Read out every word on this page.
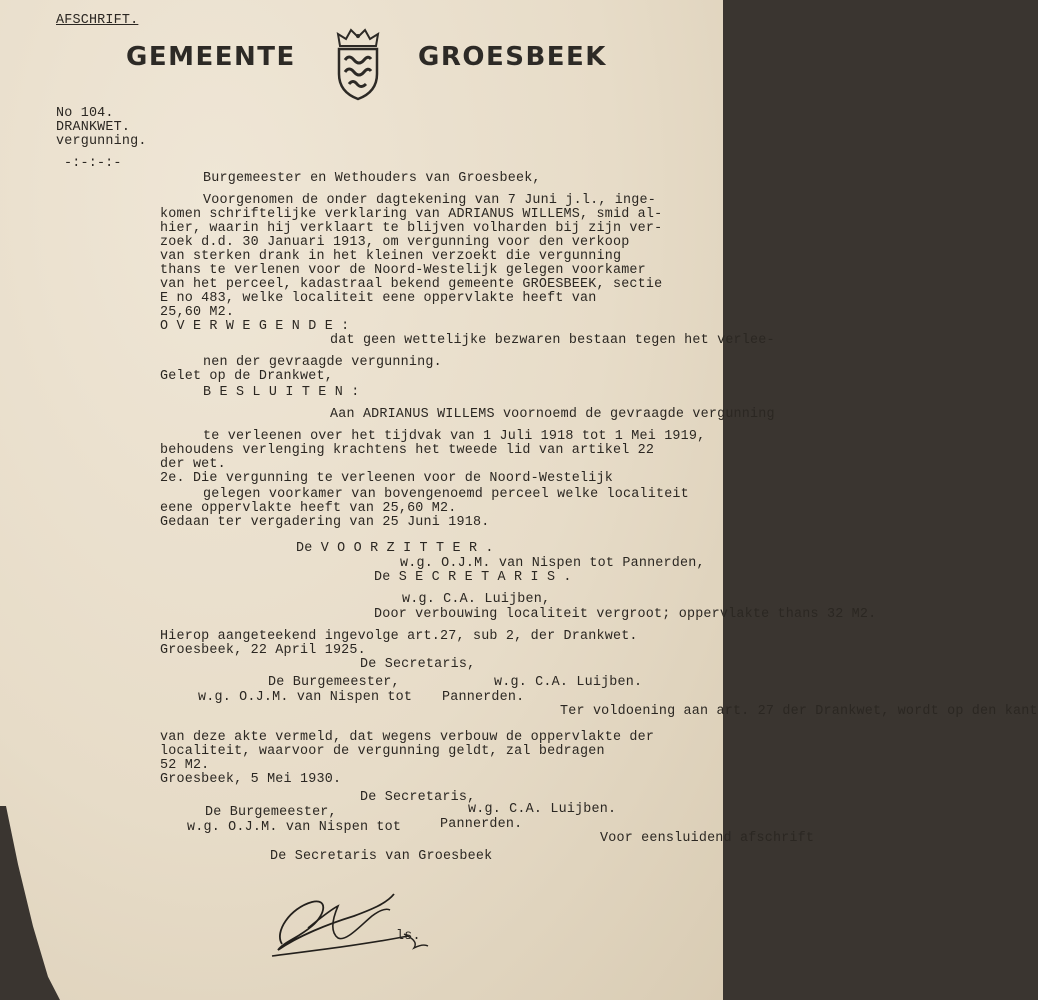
AFSCHRIFT.
GEMEENTE	GROESBEEK
No 104.
DRANKWET.
vergunning.
-:-:-:-
Burgemeester en Wethouders van Groesbeek,
Voorgenomen de onder dagtekening van 7 Juni j.l., inge-
komen schriftelijke verklaring van ADRIANUS WILLEMS, smid al-
hier, waarin hij verklaart te blijven volharden bij zijn ver-
zoek d.d. 30 Januari 1913, om vergunning voor den verkoop
van sterken drank in het kleinen verzoekt die vergunning
thans te verlenen voor de Noord-Westelijk gelegen voorkamer
van het perceel, kadastraal bekend gemeente GROESBEEK, sectie
E no 483, welke localiteit eene oppervlakte heeft van
25,60 M2.
O V E R W E G E N D E :
dat geen wettelijke bezwaren bestaan tegen het verlee-
nen der gevraagde vergunning.
Gelet op de Drankwet,
B E S L U I T E N :
Aan ADRIANUS WILLEMS voornoemd de gevraagde vergunning
te verleenen over het tijdvak van 1 Juli 1918 tot 1 Mei 1919,
behoudens verlenging krachtens het tweede lid van artikel 22
der wet.
2e. Die vergunning te verleenen voor de Noord-Westelijk
gelegen voorkamer van bovengenoemd perceel welke localiteit
eene oppervlakte heeft van 25,60 M2.
Gedaan ter vergadering van 25 Juni 1918.
De V O O R Z I T T E R .
w.g. O.J.M. van Nispen tot Pannerden,
De S E C R E T A R I S .
w.g. C.A. Luijben,
Door verbouwing localiteit vergroot; oppervlakte thans 32 M2.
Hierop aangeteekend ingevolge art.27, sub 2, der Drankwet.
Groesbeek, 22 April 1925.
De Secretaris,
De Burgemeester,	w.g. C.A. Luijben.
w.g. O.J.M. van Nispen tot Pannerden.
Ter voldoening aan art. 27 der Drankwet, wordt op den kant
van deze akte vermeld, dat wegens verbouw de oppervlakte der
localiteit, waarvoor de vergunning geldt, zal bedragen
52 M2.
Groesbeek, 5 Mei 1930.
De Secretaris,
De Burgemeester,	w.g. C.A. Luijben.
w.g. O.J.M. van Nispen tot	Pannerden.
Voor eensluidend afschrift
De Secretaris van Groesbeek
ls.
